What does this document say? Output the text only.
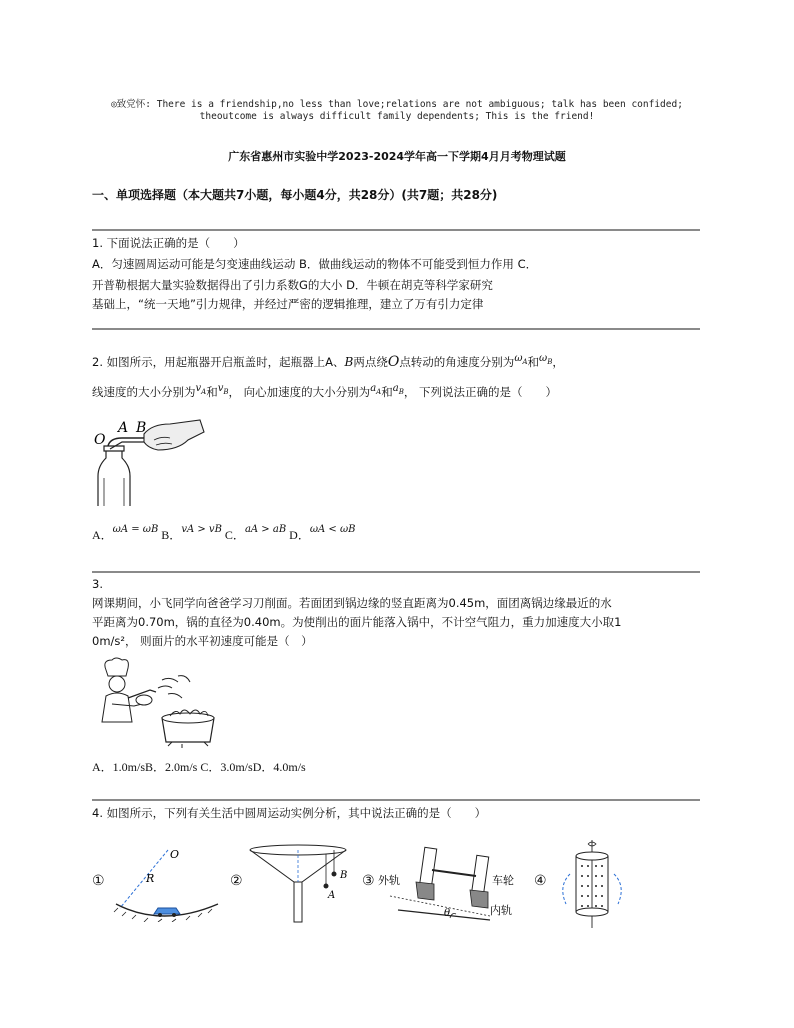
◎致党怀: There is a friendship,no less than love;relations are not ambiguous; talk has been confided;
theoutcome is always difficult family dependents; This is the friend!
广东省惠州市实验中学2023-2024学年高一下学期4月月考物理试题
一、单项选择题（本大题共7小题，每小题4分，共28分）(共7题；共28分)
1. 下面说法正确的是（　　）
A．匀速圆周运动可能是匀变速曲线运动 B．做曲线运动的物体不可能受到恒力作用 C．
开普勒根据大量实验数据得出了引力系数G的大小 D．牛顿在胡克等科学家研究
基础上，“统一天地”引力规律，并经过严密的逻辑推理，建立了万有引力定律
2. 如图所示，用起瓶器开启瓶盖时，起瓶器上A、B两点绕O点转动的角速度分别为$\omega_A$和$\omega_B$，
线速度的大小分别为$v_A$和$v_B$， 向心加速度的大小分别为$a_A$和$a_B$， 下列说法正确的是（　　）
O
A B
A．$^{\omega A = \omega B}$ B．$^{vA > vB}$ C．$^{aA > aB}$ D．$^{\omega A < \omega B}$
3.
网课期间，小飞同学向爸爸学习刀削面。若面团到锅边缘的竖直距离为0.45m，面团离锅边缘最近的水
平距离为0.70m，锅的直径为0.40m。为使削出的面片能落入锅中，不计空气阻力，重力加速度大小取1
0m/s²， 则面片的水平初速度可能是（　）
A．1.0m/sB．2.0m/s C．3.0m/sD．4.0m/s
4. 如图所示，下列有关生活中圆周运动实例分析，其中说法正确的是（　　）
①
O
R	②
A
B ③ 外轨	车轮
θ	内轨
④
